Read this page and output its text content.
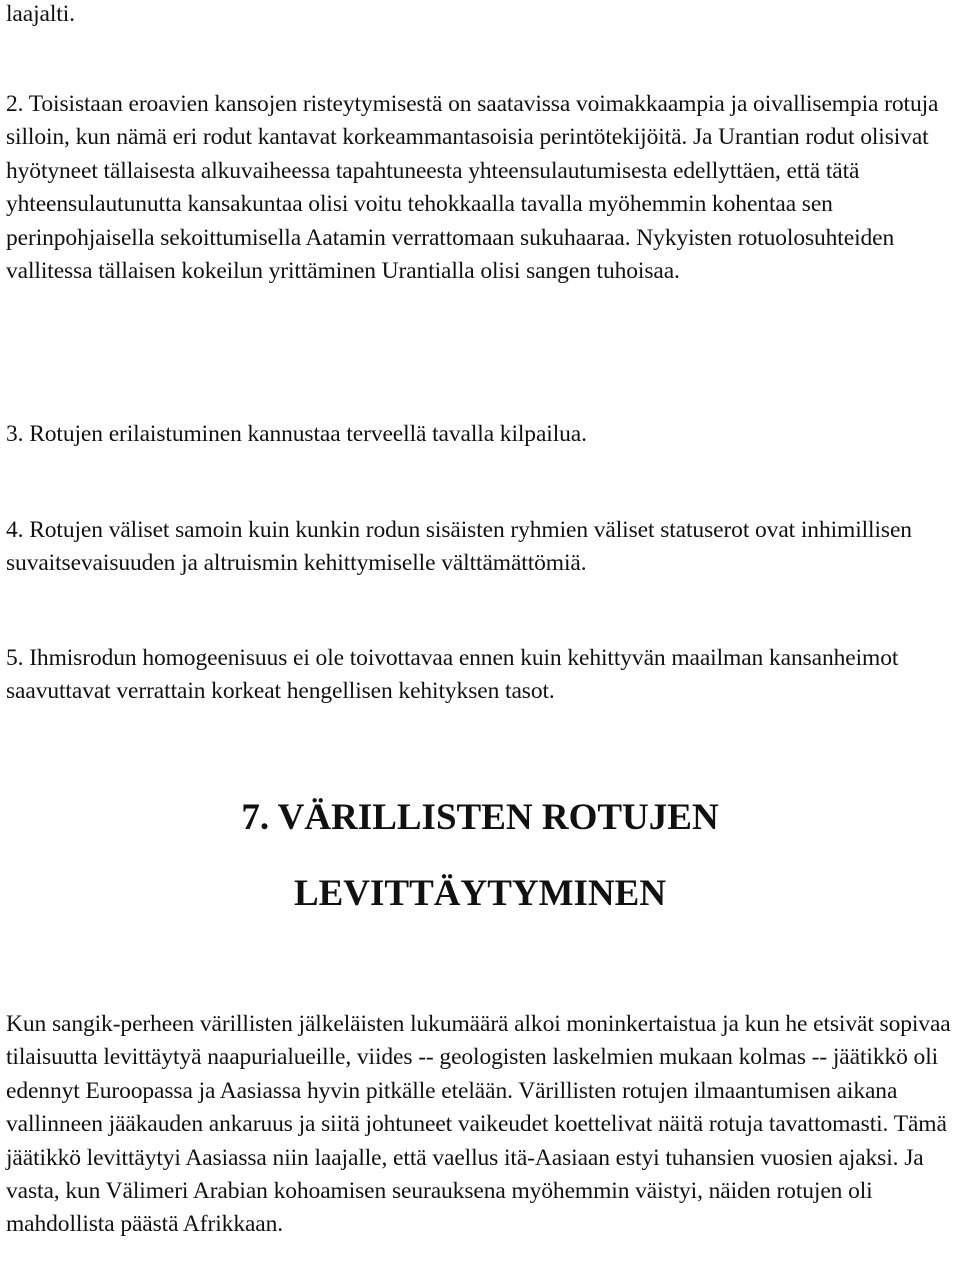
laajalti.

2. Toisistaan eroavien kansojen risteytymisestä on saatavissa voimakkaampia ja oivallisempia rotuja silloin, kun nämä eri rodut kantavat korkeammantasoisia perintötekijöitä. Ja Urantian rodut olisivat hyötyneet tällaisesta alkuvaiheessa tapahtuneesta yhteensulautumisesta edellyttäen, että tätä yhteensulautunutta kansakuntaa olisi voitu tehokkaalla tavalla myöhemmin kohentaa sen perinpohjaisella sekoittumisella Aatamin verrattomaan sukuhaaraa. Nykyisten rotuolosuhteiden vallitessa tällaisen kokeilun yrittäminen Urantialla olisi sangen tuhoisaa.

3. Rotujen erilaistuminen kannustaa terveellä tavalla kilpailua.

4. Rotujen väliset samoin kuin kunkin rodun sisäisten ryhmien väliset statuserot ovat inhimillisen suvaitsevaisuuden ja altruismin kehittymiselle välttämättömiä.

5. Ihmisrodun homogeenisuus ei ole toivottavaa ennen kuin kehittyvän maailman kansanheimot saavuttavat verrattain korkeat hengellisen kehityksen tasot.

7. VÄRILLISTEN ROTUJEN
LEVITTÄYTYMINEN

Kun sangik-perheen värillisten jälkeläisten lukumäärä alkoi moninkertaistua ja kun he etsivät sopivaa tilaisuutta levittäytyä naapurialueille, viides -- geologisten laskelmien mukaan kolmas -- jäätikkö oli edennyt Euroopassa ja Aasiassa hyvin pitkälle etelään. Värillisten rotujen ilmaantumisen aikana vallinneen jääkauden ankaruus ja siitä johtuneet vaikeudet koettelivat näitä rotuja tavattomasti. Tämä jäätikkö levittäytyi Aasiassa niin laajalle, että vaellus itä-Aasiaan estyi tuhansien vuosien ajaksi. Ja vasta, kun Välimeri Arabian kohoamisen seurauksena myöhemmin väistyi, näiden rotujen oli mahdollista päästä Afrikkaan.
